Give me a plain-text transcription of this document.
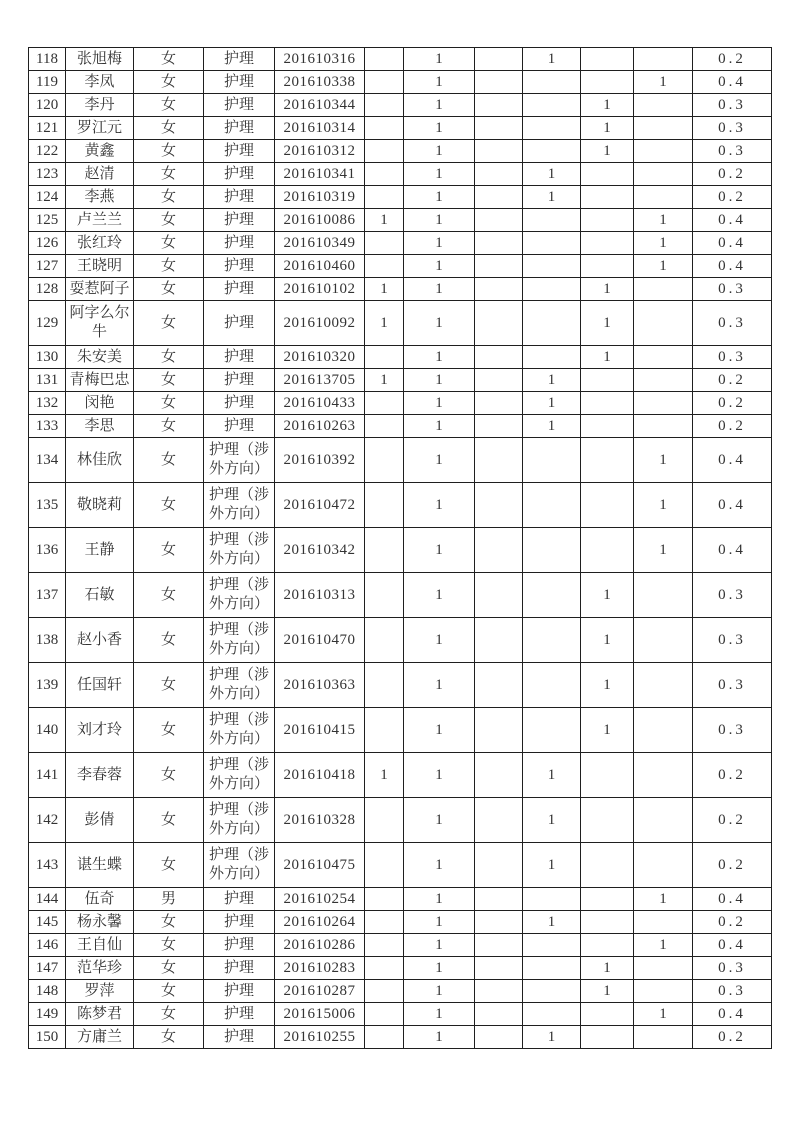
118	张旭梅	女	护理	201610316		1		1			0.2
119	李凤	女	护理	201610338		1				1	0.4
120	李丹	女	护理	201610344		1			1		0.3
121	罗江元	女	护理	201610314		1			1		0.3
122	黄鑫	女	护理	201610312		1			1		0.3
123	赵清	女	护理	201610341		1		1			0.2
124	李燕	女	护理	201610319		1		1			0.2
125	卢兰兰	女	护理	201610086	1	1				1	0.4
126	张红玲	女	护理	201610349		1				1	0.4
127	王晓明	女	护理	201610460		1				1	0.4
128	耍惹阿子	女	护理	201610102	1	1			1		0.3
129	阿字么尔牛	女	护理	201610092	1	1			1		0.3
130	朱安美	女	护理	201610320		1			1		0.3
131	青梅巴忠	女	护理	201613705	1	1		1			0.2
132	闵艳	女	护理	201610433		1		1			0.2
133	李思	女	护理	201610263		1		1			0.2
134	林佳欣	女	护理（涉外方向）	201610392		1				1	0.4
135	敬晓莉	女	护理（涉外方向）	201610472		1				1	0.4
136	王静	女	护理（涉外方向）	201610342		1				1	0.4
137	石敏	女	护理（涉外方向）	201610313		1			1		0.3
138	赵小香	女	护理（涉外方向）	201610470		1			1		0.3
139	任国轩	女	护理（涉外方向）	201610363		1			1		0.3
140	刘才玲	女	护理（涉外方向）	201610415		1			1		0.3
141	李春蓉	女	护理（涉外方向）	201610418	1	1		1			0.2
142	彭倩	女	护理（涉外方向）	201610328		1		1			0.2
143	谌生蝶	女	护理（涉外方向）	201610475		1		1			0.2
144	伍奇	男	护理	201610254		1				1	0.4
145	杨永馨	女	护理	201610264		1		1			0.2
146	王自仙	女	护理	201610286		1				1	0.4
147	范华珍	女	护理	201610283		1			1		0.3
148	罗萍	女	护理	201610287		1			1		0.3
149	陈梦君	女	护理	201615006		1				1	0.4
150	方庸兰	女	护理	201610255		1		1			0.2
